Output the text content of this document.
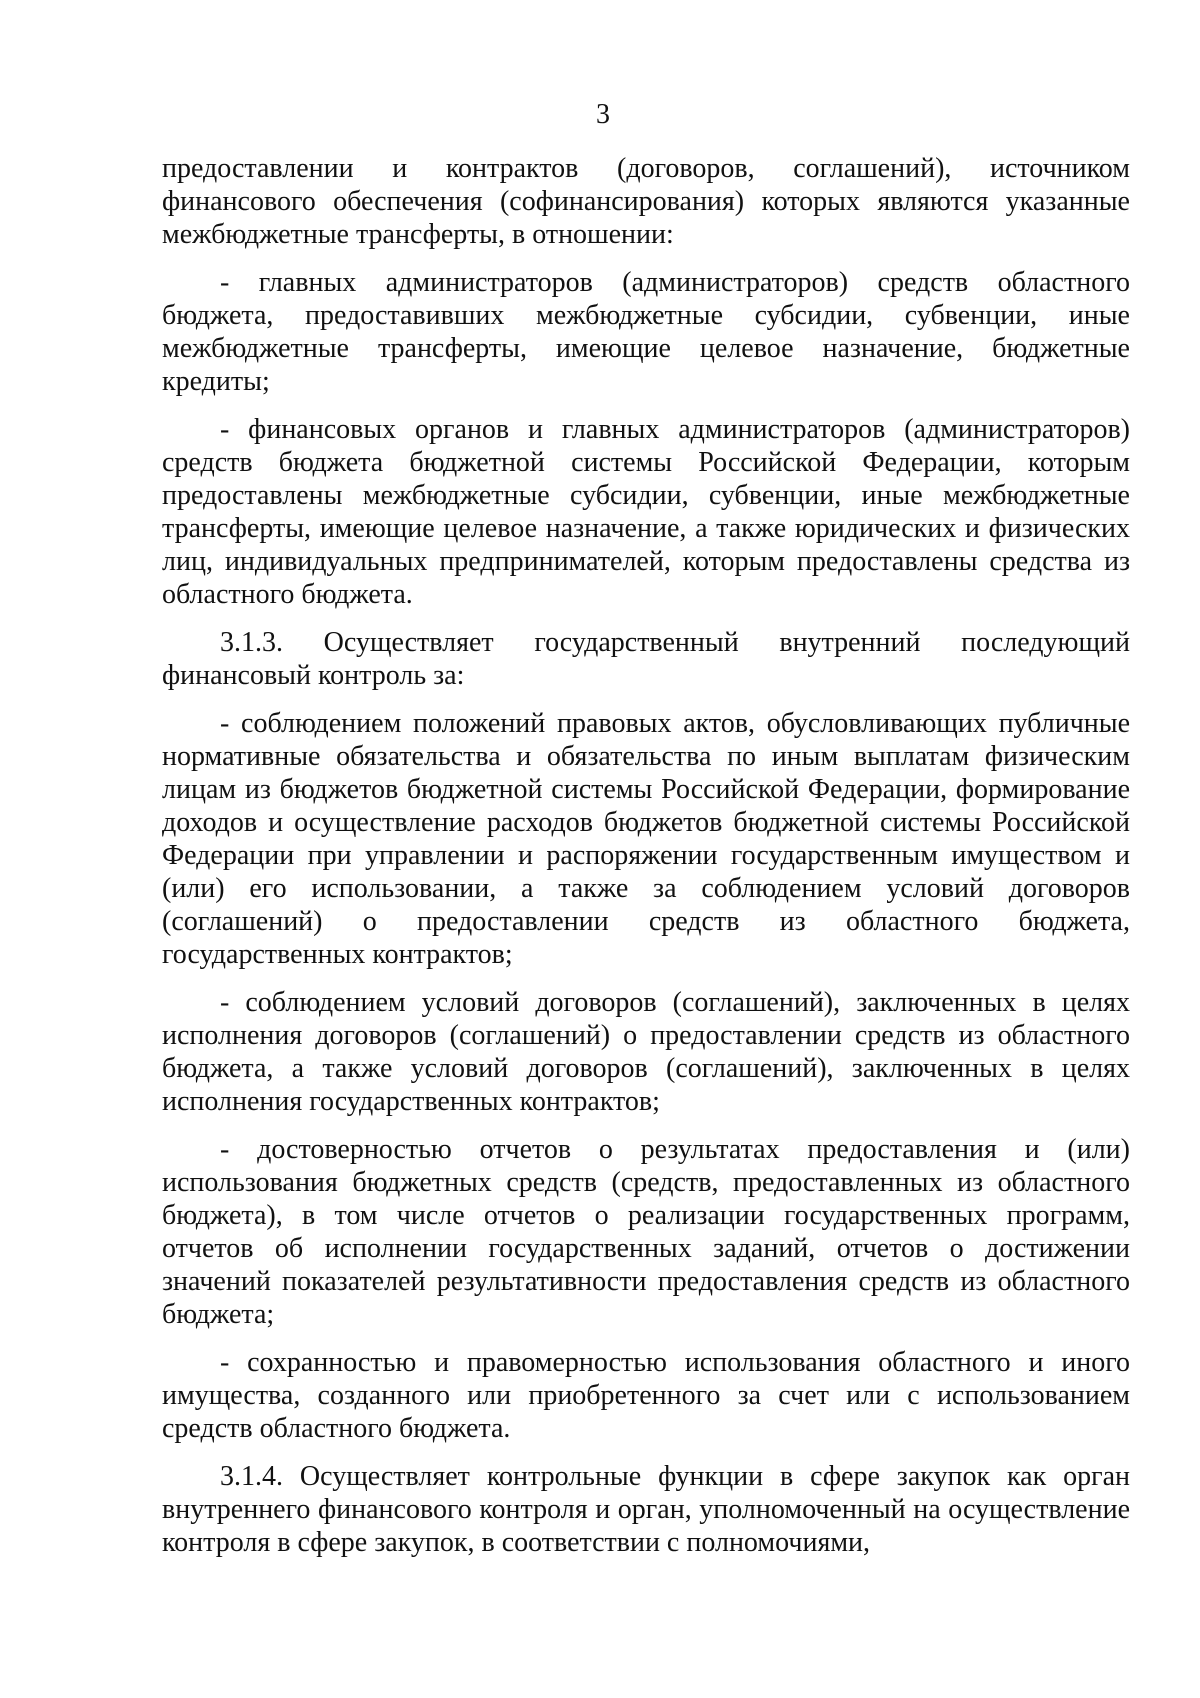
3

предоставлении и контрактов (договоров, соглашений), источником финансового обеспечения (софинансирования) которых являются указанные межбюджетные трансферты, в отношении:

- главных администраторов (администраторов) средств областного бюджета, предоставивших межбюджетные субсидии, субвенции, иные межбюджетные трансферты, имеющие целевое назначение, бюджетные кредиты;

- финансовых органов и главных администраторов (администраторов) средств бюджета бюджетной системы Российской Федерации, которым предоставлены межбюджетные субсидии, субвенции, иные межбюджетные трансферты, имеющие целевое назначение, а также юридических и физических лиц, индивидуальных предпринимателей, которым предоставлены средства из областного бюджета.

3.1.3. Осуществляет государственный внутренний последующий финансовый контроль за:

- соблюдением положений правовых актов, обусловливающих публичные нормативные обязательства и обязательства по иным выплатам физическим лицам из бюджетов бюджетной системы Российской Федерации, формирование доходов и осуществление расходов бюджетов бюджетной системы Российской Федерации при управлении и распоряжении государственным имуществом и (или) его использовании, а также за соблюдением условий договоров (соглашений) о предоставлении средств из областного бюджета, государственных контрактов;

- соблюдением условий договоров (соглашений), заключенных в целях исполнения договоров (соглашений) о предоставлении средств из областного бюджета, а также условий договоров (соглашений), заключенных в целях исполнения государственных контрактов;

- достоверностью отчетов о результатах предоставления и (или) использования бюджетных средств (средств, предоставленных из областного бюджета), в том числе отчетов о реализации государственных программ, отчетов об исполнении государственных заданий, отчетов о достижении значений показателей результативности предоставления средств из областного бюджета;

- сохранностью и правомерностью использования областного и иного имущества, созданного или приобретенного за счет или с использованием средств областного бюджета.

3.1.4. Осуществляет контрольные функции в сфере закупок как орган внутреннего финансового контроля и орган, уполномоченный на осуществление контроля в сфере закупок, в соответствии с полномочиями,
